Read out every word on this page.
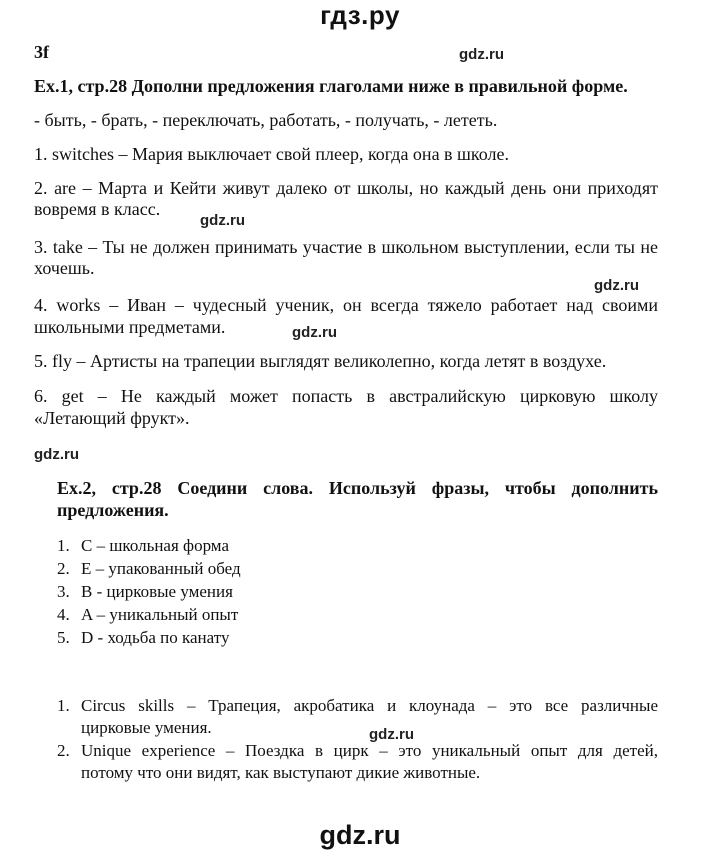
гдз.ру
3f	gdz.ru
Ex.1, стр.28 Дополни предложения глаголами ниже в правильной форме.
- быть, - брать, - переключать, работать, - получать, - лететь.
1. switches – Мария выключает свой плеер, когда она в школе.
2. are – Марта и Кейти живут далеко от школы, но каждый день они приходят
вовремя в класс.
gdz.ru
3. take – Ты не должен принимать участие в школьном выступлении, если ты не
хочешь.
gdz.ru
4. works – Иван – чудесный ученик, он всегда тяжело работает над своими
школьными предметами.	gdz.ru
5. fly – Артисты на трапеции выглядят великолепно, когда летят в воздухе.
6. get – Не каждый может попасть в австралийскую цирковую школу
«Летающий фрукт».
gdz.ru
Ex.2, стр.28 Соедини слова. Используй фразы, чтобы дополнить
предложения.
1. C – школьная форма
2. E – упакованный обед
3. B - цирковые умения
4. A – уникальный опыт
5. D - ходьба по канату
1. Circus skills – Трапеция, акробатика и клоунада – это все различные
цирковые умения.	gdz.ru
2. Unique experience – Поездка в цирк – это уникальный опыт для детей,
потому что они видят, как выступают дикие животные.
gdz.ru
